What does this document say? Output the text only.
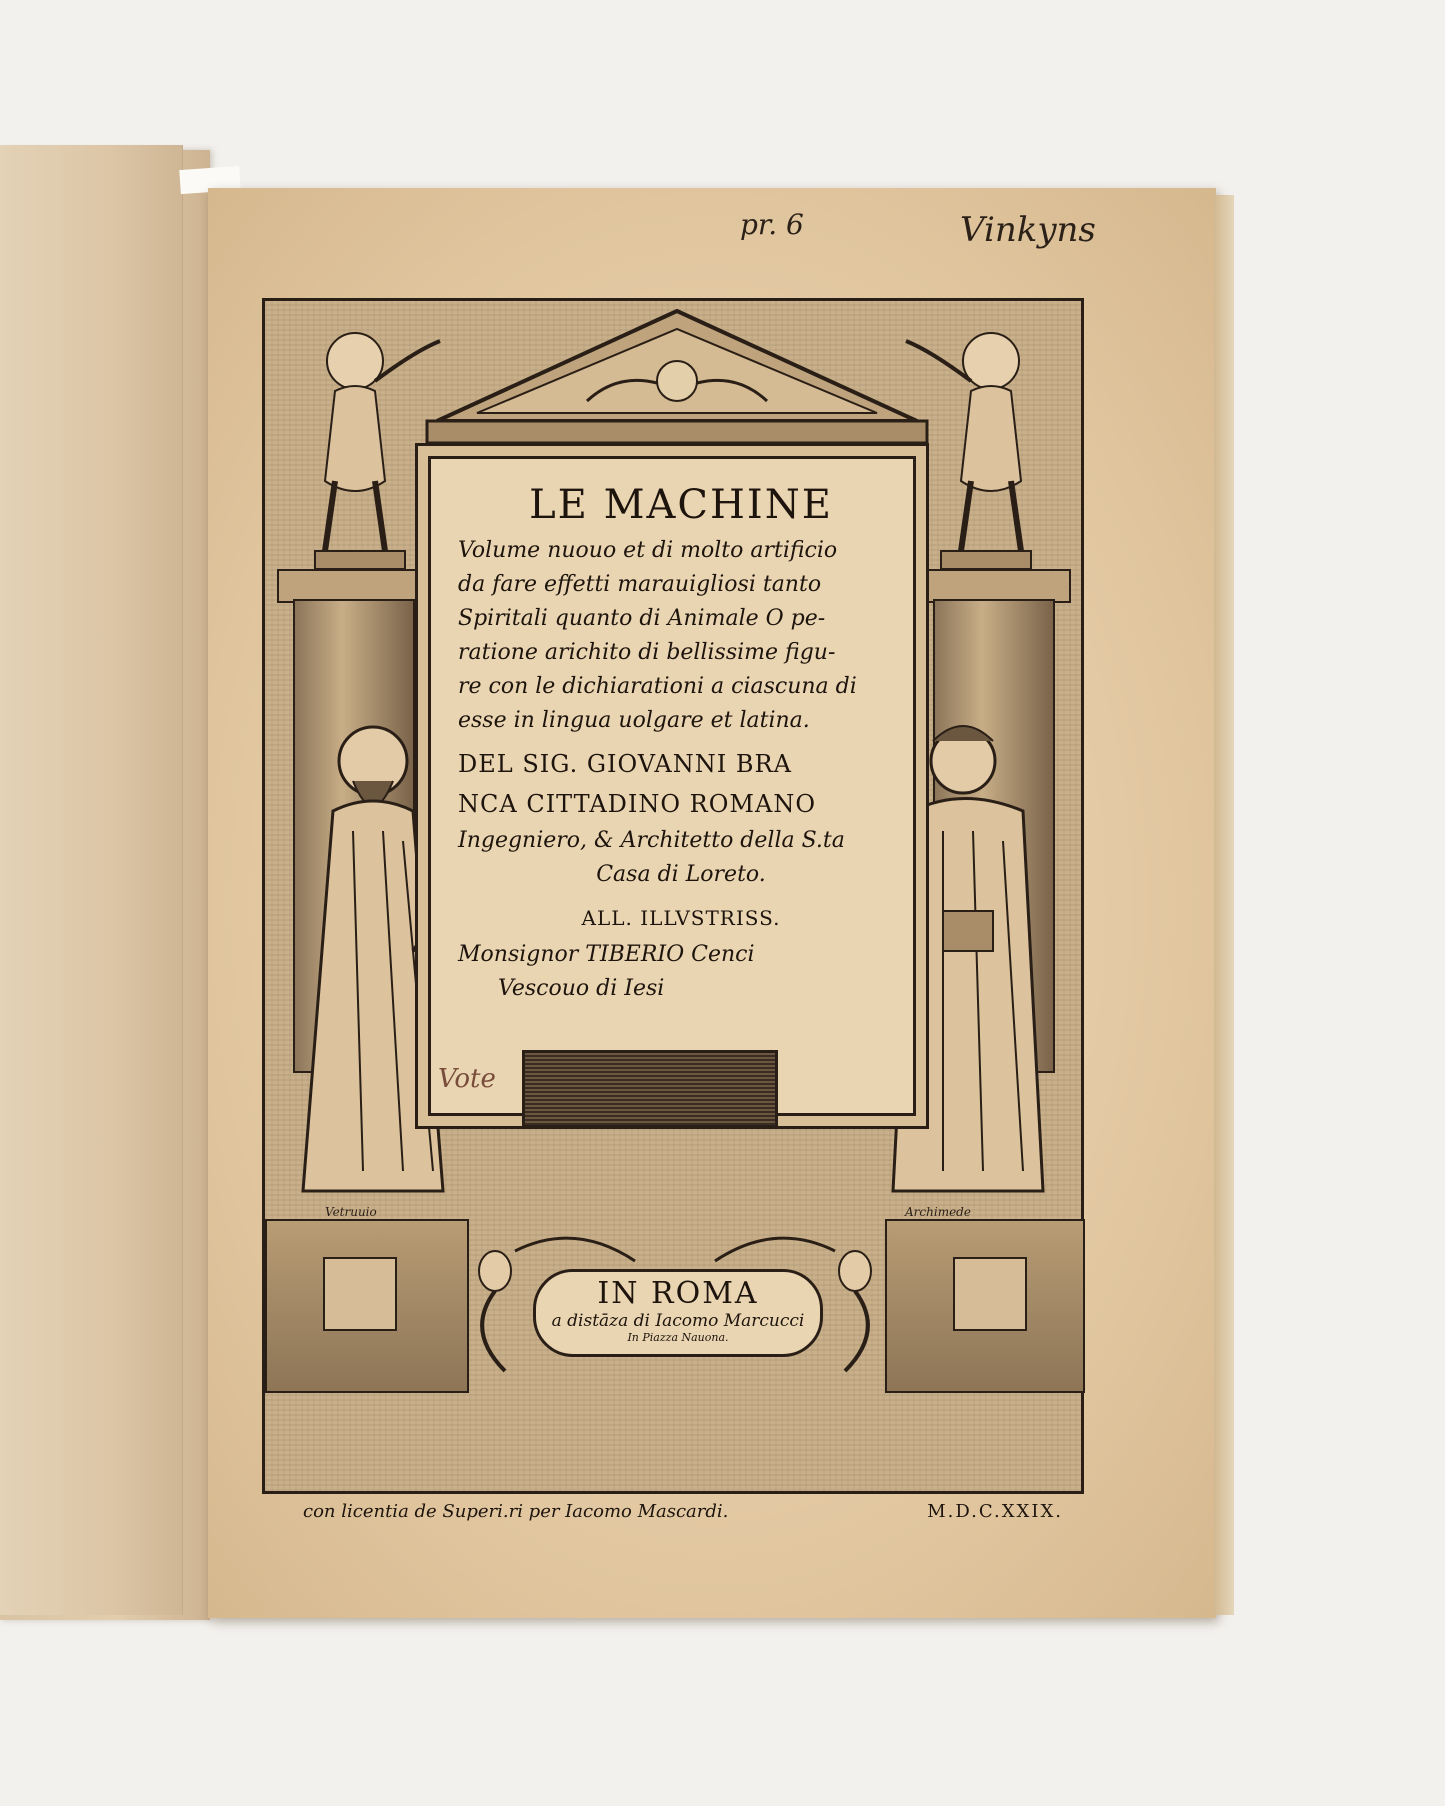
pr. 6	Vinkyns
Vetruuio	Archimede

LE MACHINE

Volume nuouo et di molto artificio

da fare effetti marauigliosi tanto

Spiritali quanto di Animale O pe-

ratione arichito di bellissime figu-

re con le dichiarationi a ciascuna di

esse in lingua uolgare et latina.

DEL SIG. GIOVANNI BRA

NCA CITTADINO ROMANO

Ingegniero, & Architetto della S.ta

Casa di Loreto.

ALL. ILLVSTRISS.

Monsignor TIBERIO Cenci

Vescouo di Iesi

Vote

IN ROMA

a distāza di Iacomo Marcucci

In Piazza Nauona.

con licentia de Superi.ri per Iacomo Mascardi.	M.D.C.XXIX.
